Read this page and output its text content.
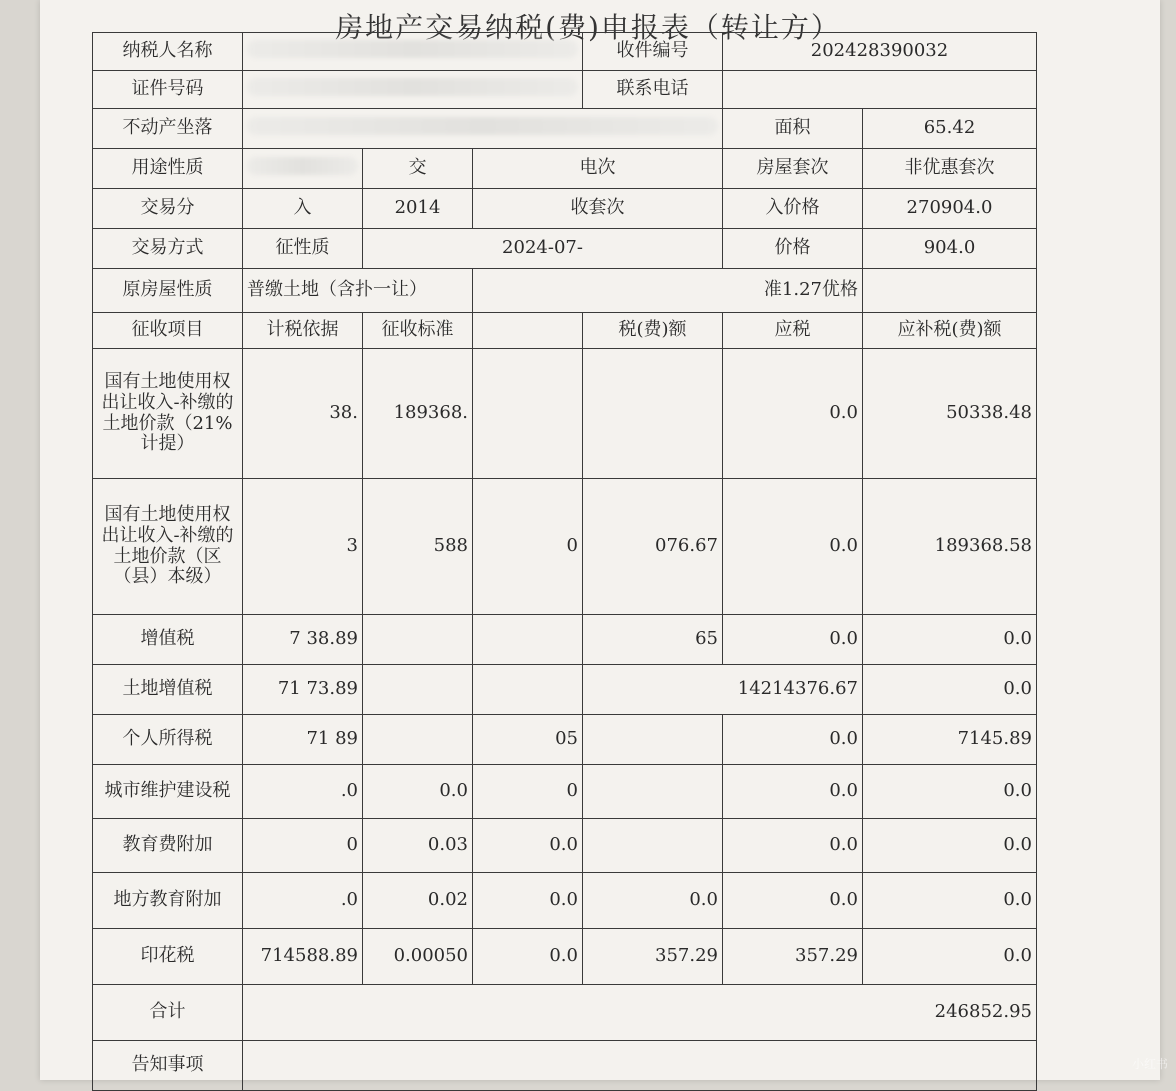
房地产交易纳税(费)申报表（转让方）
纳税人名称				收件编号	202428390032	
证件号码				联系电话		
不动产坐落					面积	65.42
用途性质		交	电次		房屋套次	非优惠套次
交易分	入	2014	收套次		入价格	270904.0
交易方式	征性质	2024-07-			价格	904.0
原房屋性质	普缴土地（含扑一让）		准1.27优格			
征收项目	计税依据	征收标准		税(费)额	应税	应补税(费)额
国有土地使用权出让收入-补缴的土地价款（21%计提）	38.	189368.			0.0	50338.48
国有土地使用权出让收入-补缴的土地价款（区（县）本级）	3	588	0	076.67	0.0	189368.58
增值税	7 38.89			65	0.0	0.0
土地增值税	71 73.89			14214376.67		0.0
个人所得税	71 89		05		0.0	7145.89
城市维护建设税	.0	0.0	0		0.0	0.0
教育费附加	0	0.03	0.0		0.0	0.0
地方教育附加	.0	0.02	0.0	0.0	0.0	0.0
印花税	714588.89	0.00050	0.0	357.29	357.29	0.0
合计	246852.95					
告知事项							小红书
